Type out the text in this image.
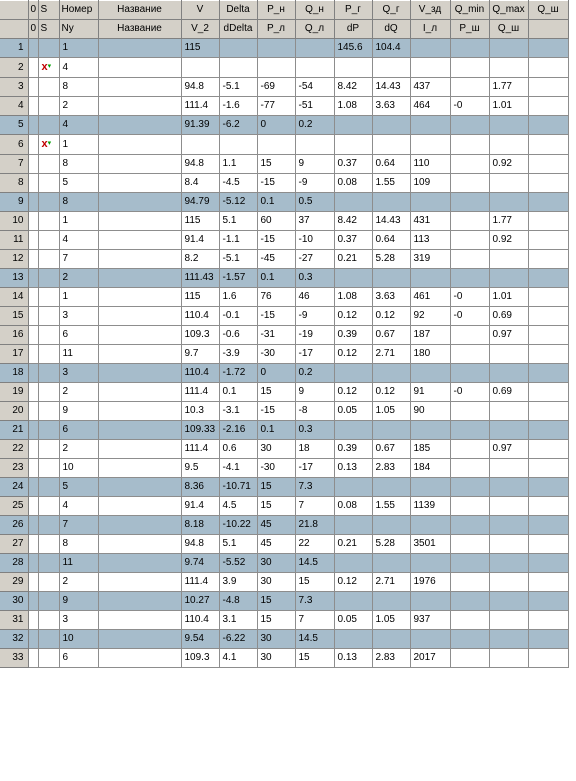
	0	S	Номер	Название	V	Delta	P_н	Q_н	P_г	Q_г	V_зд	Q_min	Q_max	Q_ш
	0	S	Ny	Название	V_2	dDelta	P_л	Q_л	dP	dQ	I_л	P_ш	Q_ш	
1			1		115				145.6	104.4				
2		x▾	4											
3			8		94.8	-5.1	-69	-54	8.42	14.43	437		1.77	
4			2		111.4	-1.6	-77	-51	1.08	3.63	464	-0	1.01	
5			4		91.39	-6.2	0	0.2						
6		x▾	1											
7			8		94.8	1.1	15	9	0.37	0.64	110		0.92	
8			5		8.4	-4.5	-15	-9	0.08	1.55	109			
9			8		94.79	-5.12	0.1	0.5						
10			1		115	5.1	60	37	8.42	14.43	431		1.77	
11			4		91.4	-1.1	-15	-10	0.37	0.64	113		0.92	
12			7		8.2	-5.1	-45	-27	0.21	5.28	319			
13			2		111.43	-1.57	0.1	0.3						
14			1		115	1.6	76	46	1.08	3.63	461	-0	1.01	
15			3		110.4	-0.1	-15	-9	0.12	0.12	92	-0	0.69	
16			6		109.3	-0.6	-31	-19	0.39	0.67	187		0.97	
17			11		9.7	-3.9	-30	-17	0.12	2.71	180			
18			3		110.4	-1.72	0	0.2						
19			2		111.4	0.1	15	9	0.12	0.12	91	-0	0.69	
20			9		10.3	-3.1	-15	-8	0.05	1.05	90			
21			6		109.33	-2.16	0.1	0.3						
22			2		111.4	0.6	30	18	0.39	0.67	185		0.97	
23			10		9.5	-4.1	-30	-17	0.13	2.83	184			
24			5		8.36	-10.71	15	7.3						
25			4		91.4	4.5	15	7	0.08	1.55	1139			
26			7		8.18	-10.22	45	21.8						
27			8		94.8	5.1	45	22	0.21	5.28	3501			
28			11		9.74	-5.52	30	14.5						
29			2		111.4	3.9	30	15	0.12	2.71	1976			
30			9		10.27	-4.8	15	7.3						
31			3		110.4	3.1	15	7	0.05	1.05	937			
32			10		9.54	-6.22	30	14.5						
33			6		109.3	4.1	30	15	0.13	2.83	2017			
